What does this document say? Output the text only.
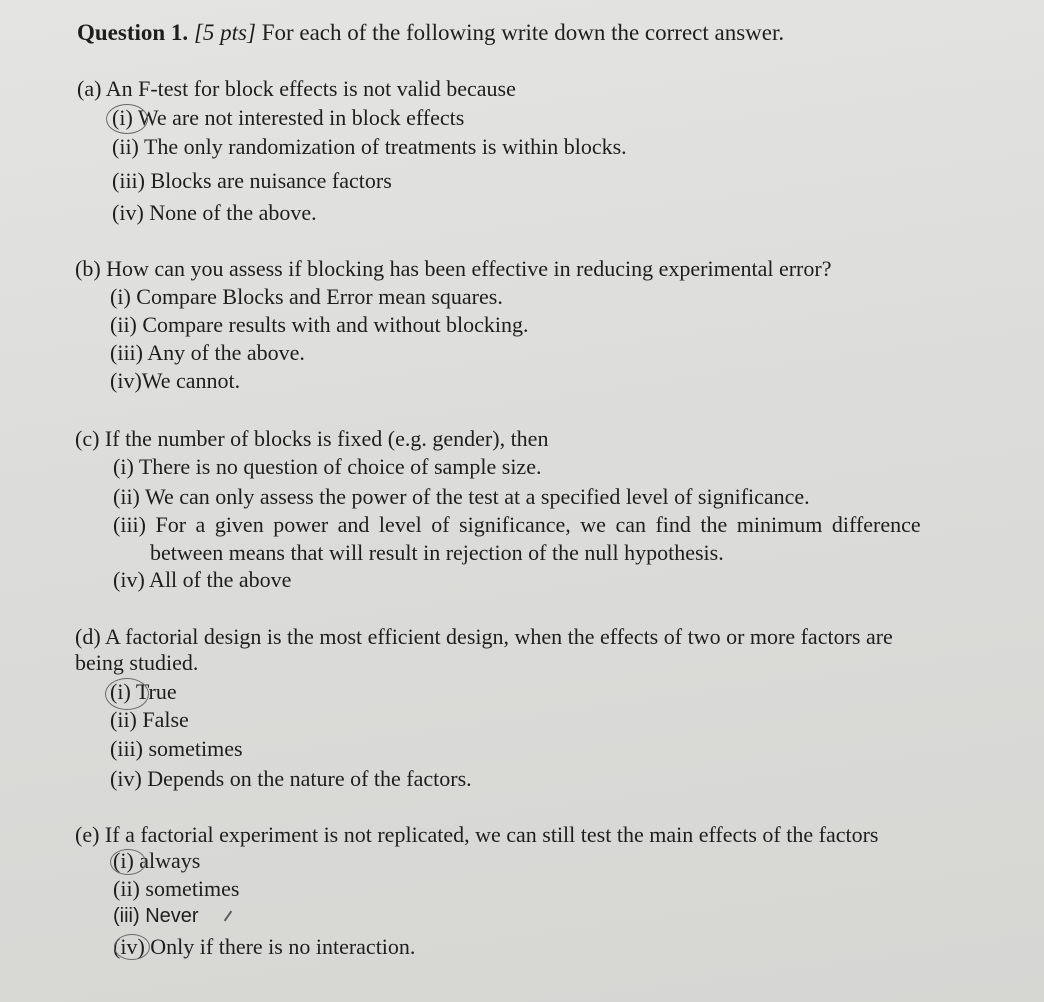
Question 1. [5 pts] For each of the following write down the correct answer.
(a) An F-test for block effects is not valid because
(i) We are not interested in block effects
(ii) The only randomization of treatments is within blocks.
(iii) Blocks are nuisance factors
(iv) None of the above.
(b) How can you assess if blocking has been effective in reducing experimental error?
(i) Compare Blocks and Error mean squares.
(ii) Compare results with and without blocking.
(iii) Any of the above.
(iv)We cannot.
(c) If the number of blocks is fixed (e.g. gender), then
(i) There is no question of choice of sample size.
(ii) We can only assess the power of the test at a specified level of significance.
(iii) For a given power and level of significance, we can find the minimum difference
between means that will result in rejection of the null hypothesis.
(iv) All of the above
(d) A factorial design is the most efficient design, when the effects of two or more factors are
being studied.
(i) True
(ii) False
(iii) sometimes
(iv) Depends on the nature of the factors.
(e) If a factorial experiment is not replicated, we can still test the main effects of the factors
(i) always
(ii) sometimes
(iii) Never
(iv) Only if there is no interaction.
